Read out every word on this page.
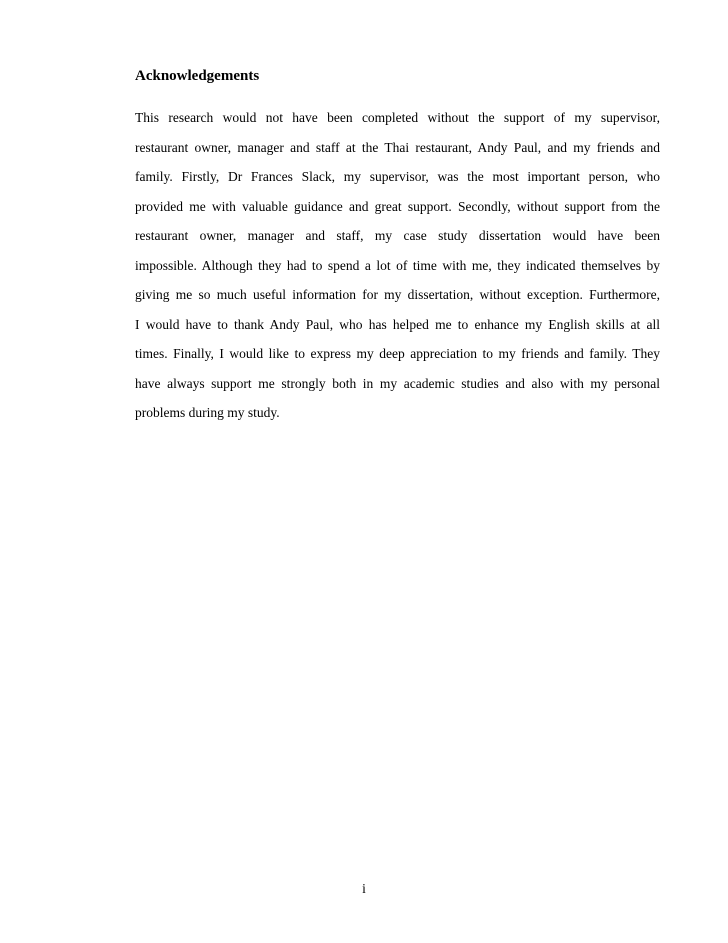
Acknowledgements
This research would not have been completed without the support of my supervisor,
restaurant owner, manager and staff at the Thai restaurant, Andy Paul, and my friends and
family. Firstly, Dr Frances Slack, my supervisor, was the most important person, who
provided me with valuable guidance and great support. Secondly, without support from the
restaurant owner, manager and staff, my case study dissertation would have been
impossible. Although they had to spend a lot of time with me, they indicated themselves by
giving me so much useful information for my dissertation, without exception. Furthermore,
I would have to thank Andy Paul, who has helped me to enhance my English skills at all
times. Finally, I would like to express my deep appreciation to my friends and family. They
have always support me strongly both in my academic studies and also with my personal
problems during my study.
i
